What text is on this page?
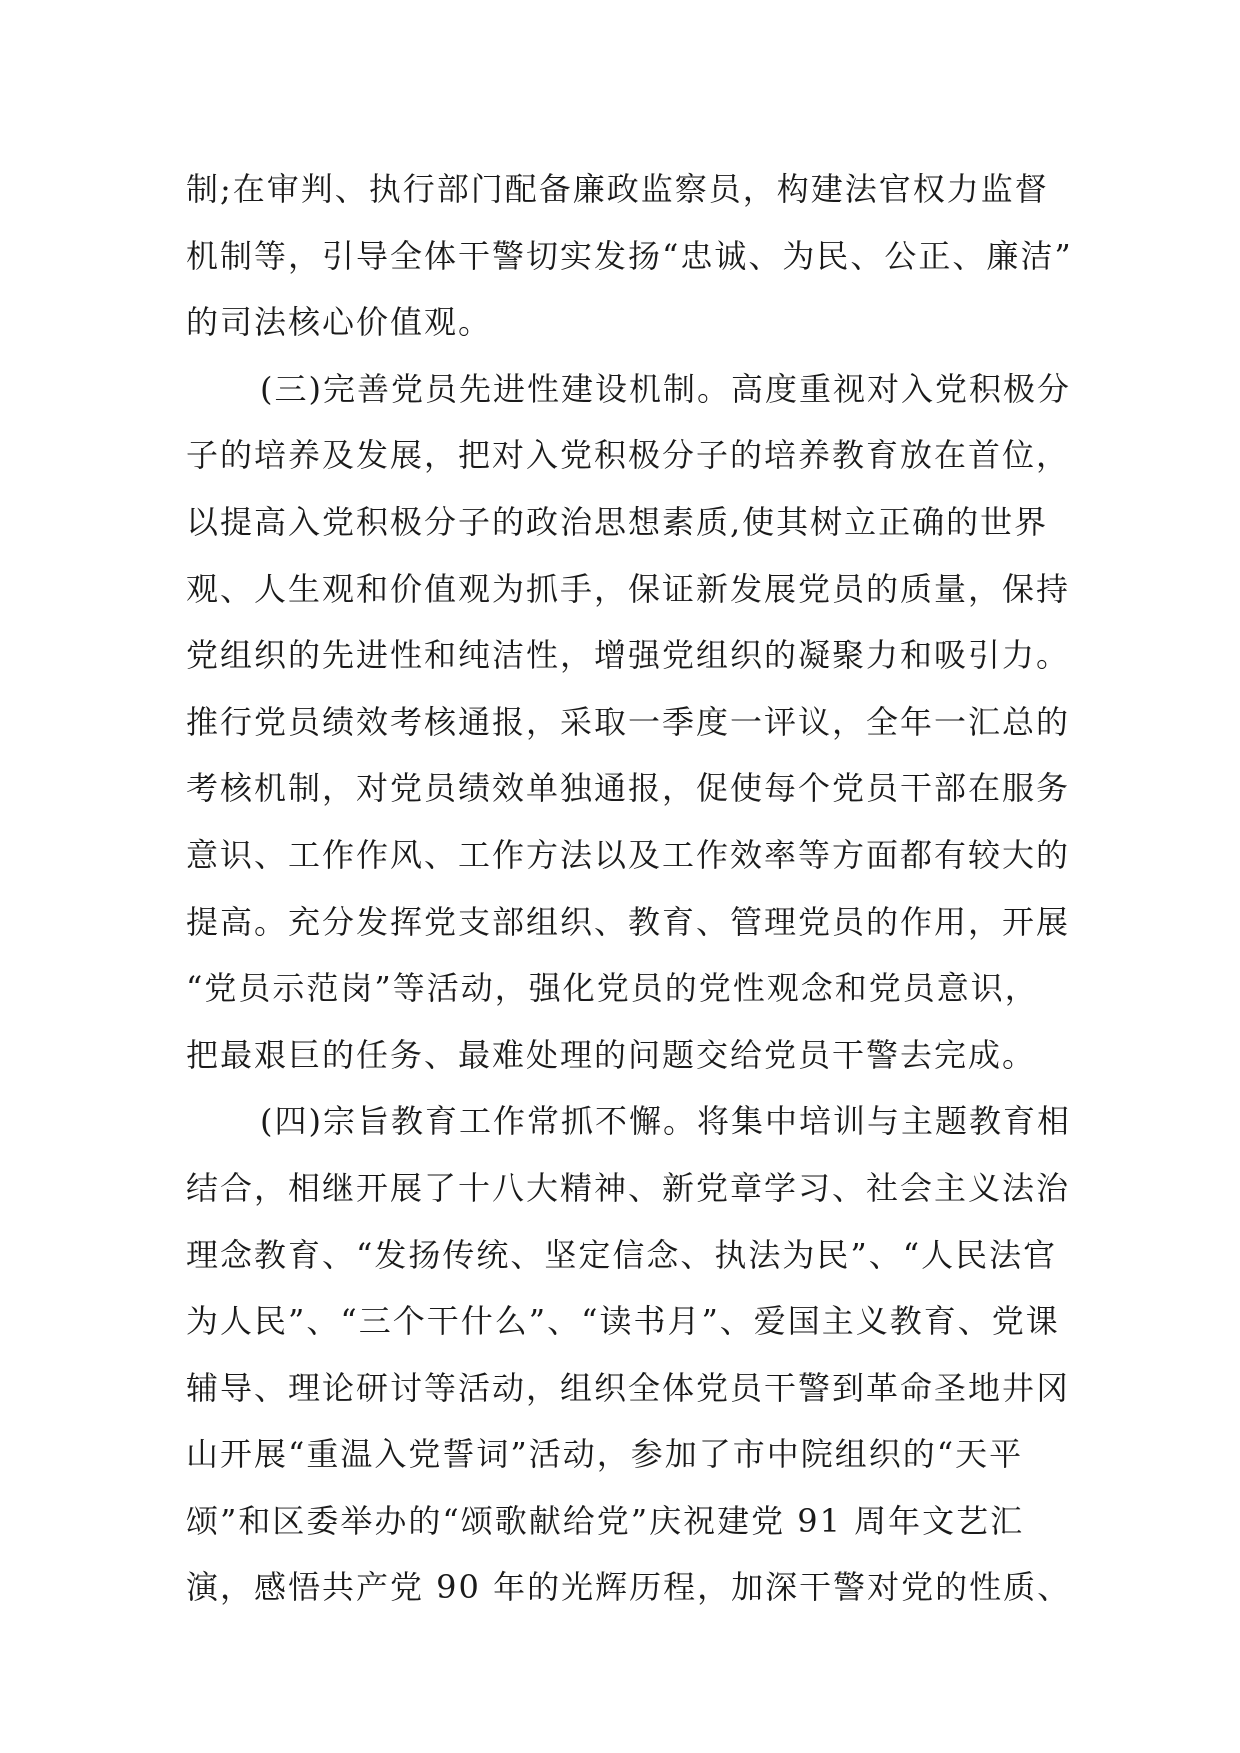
制;在审判、执行部门配备廉政监察员，构建法官权力监督
机制等，引导全体干警切实发扬“忠诚、为民、公正、廉洁”
的司法核心价值观。
(三)完善党员先进性建设机制。高度重视对入党积极分
子的培养及发展，把对入党积极分子的培养教育放在首位，
以提高入党积极分子的政治思想素质,使其树立正确的世界
观、人生观和价值观为抓手，保证新发展党员的质量，保持
党组织的先进性和纯洁性，增强党组织的凝聚力和吸引力。
推行党员绩效考核通报，采取一季度一评议，全年一汇总的
考核机制，对党员绩效单独通报，促使每个党员干部在服务
意识、工作作风、工作方法以及工作效率等方面都有较大的
提高。充分发挥党支部组织、教育、管理党员的作用，开展
“党员示范岗”等活动，强化党员的党性观念和党员意识，
把最艰巨的任务、最难处理的问题交给党员干警去完成。
(四)宗旨教育工作常抓不懈。将集中培训与主题教育相
结合，相继开展了十八大精神、新党章学习、社会主义法治
理念教育、“发扬传统、坚定信念、执法为民”、“人民法官
为人民”、“三个干什么”、“读书月”、爱国主义教育、党课
辅导、理论研讨等活动，组织全体党员干警到革命圣地井冈
山开展“重温入党誓词”活动，参加了市中院组织的“天平
颂”和区委举办的“颂歌献给党”庆祝建党 91 周年文艺汇
演，感悟共产党 90 年的光辉历程，加深干警对党的性质、
